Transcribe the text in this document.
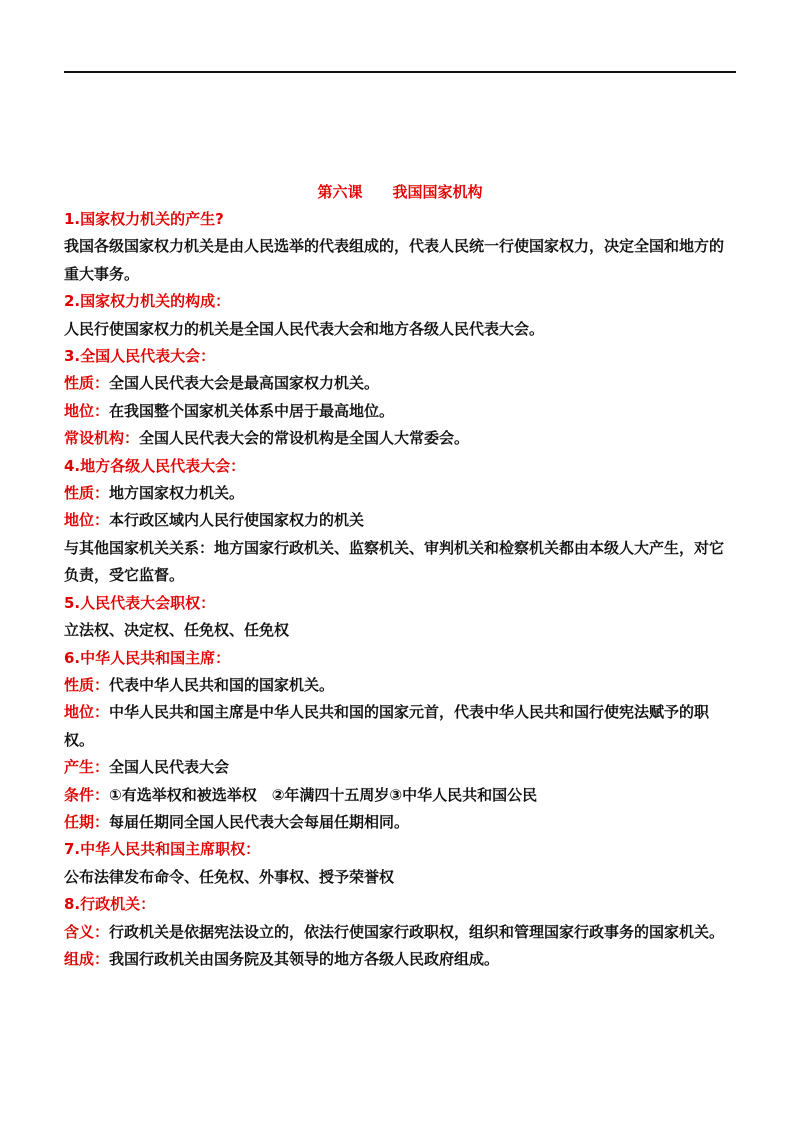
第六课　　我国国家机构

1.国家权力机关的产生?

我国各级国家权力机关是由人民选举的代表组成的，代表人民统一行使国家权力，决定全国和地方的重大事务。

2.国家权力机关的构成：

人民行使国家权力的机关是全国人民代表大会和地方各级人民代表大会。

3.全国人民代表大会：

性质：全国人民代表大会是最高国家权力机关。

地位：在我国整个国家机关体系中居于最高地位。

常设机构：全国人民代表大会的常设机构是全国人大常委会。

4.地方各级人民代表大会：

性质：地方国家权力机关。

地位：本行政区域内人民行使国家权力的机关

与其他国家机关关系：地方国家行政机关、监察机关、审判机关和检察机关都由本级人大产生，对它负责，受它监督。

5.人民代表大会职权：

立法权、决定权、任免权、任免权

6.中华人民共和国主席：

性质：代表中华人民共和国的国家机关。

地位：中华人民共和国主席是中华人民共和国的国家元首，代表中华人民共和国行使宪法赋予的职权。

产生：全国人民代表大会

条件：①有选举权和被选举权　②年满四十五周岁③中华人民共和国公民

任期：每届任期同全国人民代表大会每届任期相同。

7.中华人民共和国主席职权：

公布法律发布命令、任免权、外事权、授予荣誉权

8.行政机关：

含义：行政机关是依据宪法设立的，依法行使国家行政职权，组织和管理国家行政事务的国家机关。

组成：我国行政机关由国务院及其领导的地方各级人民政府组成。
